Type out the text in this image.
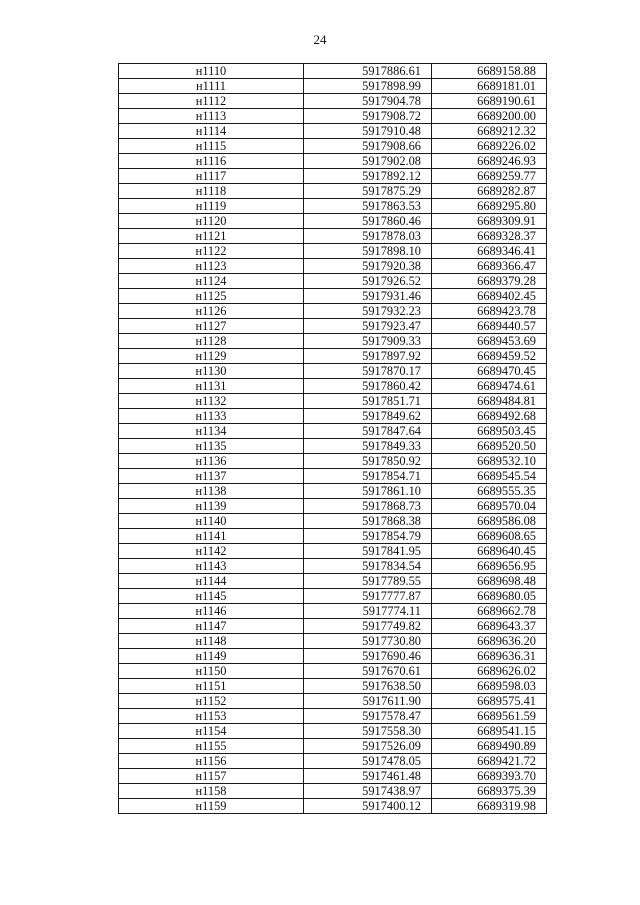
24
н1110	5917886.61	6689158.88
н1111	5917898.99	6689181.01
н1112	5917904.78	6689190.61
н1113	5917908.72	6689200.00
н1114	5917910.48	6689212.32
н1115	5917908.66	6689226.02
н1116	5917902.08	6689246.93
н1117	5917892.12	6689259.77
н1118	5917875.29	6689282.87
н1119	5917863.53	6689295.80
н1120	5917860.46	6689309.91
н1121	5917878.03	6689328.37
н1122	5917898.10	6689346.41
н1123	5917920.38	6689366.47
н1124	5917926.52	6689379.28
н1125	5917931.46	6689402.45
н1126	5917932.23	6689423.78
н1127	5917923.47	6689440.57
н1128	5917909.33	6689453.69
н1129	5917897.92	6689459.52
н1130	5917870.17	6689470.45
н1131	5917860.42	6689474.61
н1132	5917851.71	6689484.81
н1133	5917849.62	6689492.68
н1134	5917847.64	6689503.45
н1135	5917849.33	6689520.50
н1136	5917850.92	6689532.10
н1137	5917854.71	6689545.54
н1138	5917861.10	6689555.35
н1139	5917868.73	6689570.04
н1140	5917868.38	6689586.08
н1141	5917854.79	6689608.65
н1142	5917841.95	6689640.45
н1143	5917834.54	6689656.95
н1144	5917789.55	6689698.48
н1145	5917777.87	6689680.05
н1146	5917774.11	6689662.78
н1147	5917749.82	6689643.37
н1148	5917730.80	6689636.20
н1149	5917690.46	6689636.31
н1150	5917670.61	6689626.02
н1151	5917638.50	6689598.03
н1152	5917611.90	6689575.41
н1153	5917578.47	6689561.59
н1154	5917558.30	6689541.15
н1155	5917526.09	6689490.89
н1156	5917478.05	6689421.72
н1157	5917461.48	6689393.70
н1158	5917438.97	6689375.39
н1159	5917400.12	6689319.98
